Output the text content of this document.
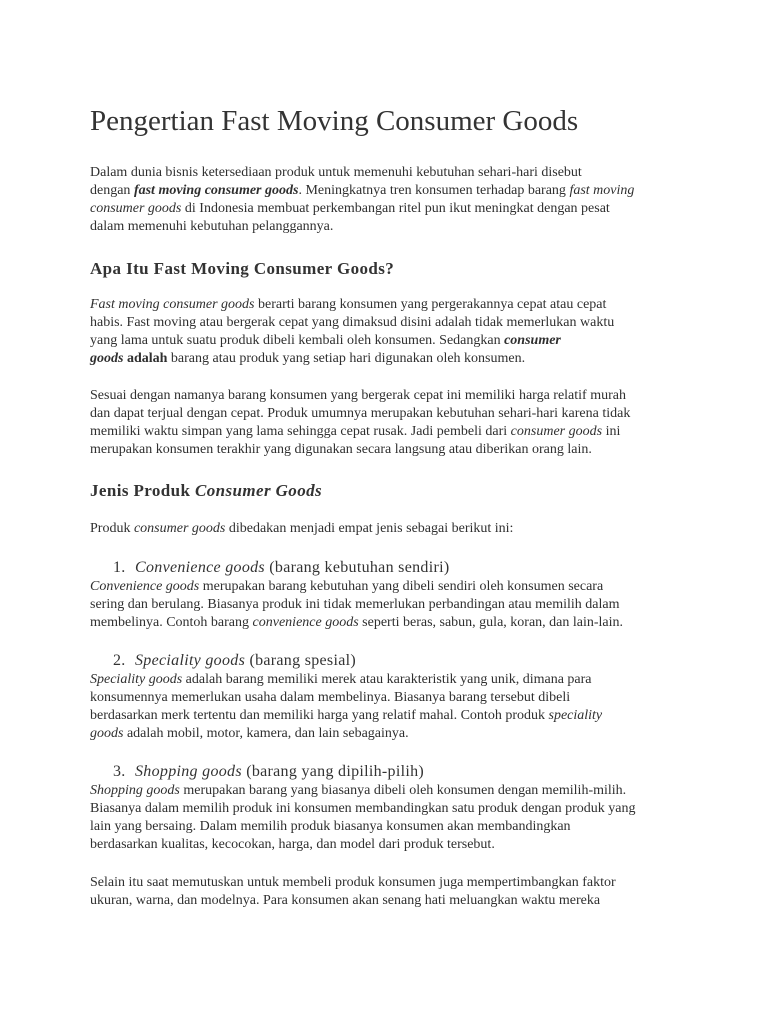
Pengertian Fast Moving Consumer Goods
Dalam dunia bisnis ketersediaan produk untuk memenuhi kebutuhan sehari-hari disebut
dengan fast moving consumer goods. Meningkatnya tren konsumen terhadap barang fast moving
consumer goods di Indonesia membuat perkembangan ritel pun ikut meningkat dengan pesat
dalam memenuhi kebutuhan pelanggannya.
Apa Itu Fast Moving Consumer Goods?
Fast moving consumer goods berarti barang konsumen yang pergerakannya cepat atau cepat
habis. Fast moving atau bergerak cepat yang dimaksud disini adalah tidak memerlukan waktu
yang lama untuk suatu produk dibeli kembali oleh konsumen. Sedangkan consumer
goods adalah barang atau produk yang setiap hari digunakan oleh konsumen.
Sesuai dengan namanya barang konsumen yang bergerak cepat ini memiliki harga relatif murah
dan dapat terjual dengan cepat. Produk umumnya merupakan kebutuhan sehari-hari karena tidak
memiliki waktu simpan yang lama sehingga cepat rusak. Jadi pembeli dari consumer goods ini
merupakan konsumen terakhir yang digunakan secara langsung atau diberikan orang lain.
Jenis Produk Consumer Goods
Produk consumer goods dibedakan menjadi empat jenis sebagai berikut ini:
1. Convenience goods (barang kebutuhan sendiri)
Convenience goods merupakan barang kebutuhan yang dibeli sendiri oleh konsumen secara
sering dan berulang. Biasanya produk ini tidak memerlukan perbandingan atau memilih dalam
membelinya. Contoh barang convenience goods seperti beras, sabun, gula, koran, dan lain-lain.
2. Speciality goods (barang spesial)
Speciality goods adalah barang memiliki merek atau karakteristik yang unik, dimana para
konsumennya memerlukan usaha dalam membelinya. Biasanya barang tersebut dibeli
berdasarkan merk tertentu dan memiliki harga yang relatif mahal. Contoh produk speciality
goods adalah mobil, motor, kamera, dan lain sebagainya.
3. Shopping goods (barang yang dipilih-pilih)
Shopping goods merupakan barang yang biasanya dibeli oleh konsumen dengan memilih-milih.
Biasanya dalam memilih produk ini konsumen membandingkan satu produk dengan produk yang
lain yang bersaing. Dalam memilih produk biasanya konsumen akan membandingkan
berdasarkan kualitas, kecocokan, harga, dan model dari produk tersebut.
Selain itu saat memutuskan untuk membeli produk konsumen juga mempertimbangkan faktor
ukuran, warna, dan modelnya. Para konsumen akan senang hati meluangkan waktu mereka
